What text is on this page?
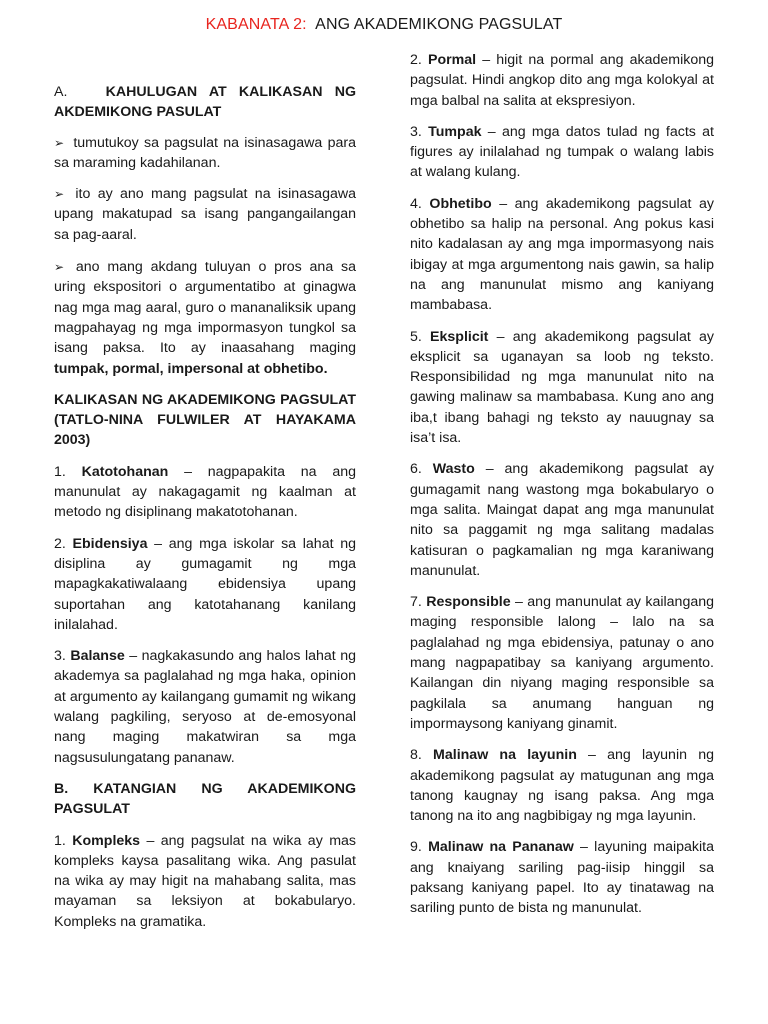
KABANATA 2: ANG AKADEMIKONG PAGSULAT

A.	KAHULUGAN AT KALIKASAN NG AKDEMIKONG PASULAT

➢ tumutukoy sa pagsulat na isinasagawa para sa maraming kadahilanan.

➢ ito ay ano mang pagsulat na isinasagawa upang makatupad sa isang pangangailangan sa pag-aaral.

➢ ano mang akdang tuluyan o pros ana sa uring ekspositori o argumentatibo at ginagwa nag mga mag aaral, guro o mananaliksik upang magpahayag ng mga impormasyon tungkol sa isang paksa. Ito ay inaasahang maging tumpak, pormal, impersonal at obhetibo.

KALIKASAN NG AKADEMIKONG PAGSULAT (TATLO-NINA FULWILER AT HAYAKAMA 2003)

1. Katotohanan – nagpapakita na ang manunulat ay nakagagamit ng kaalman at metodo ng disiplinang makatotohanan.

2. Ebidensiya – ang mga iskolar sa lahat ng disiplina ay gumagamit ng mga mapagkakatiwalaang ebidensiya upang suportahan ang katotahanang kanilang inilalahad.

3. Balanse – nagkakasundo ang halos lahat ng akademya sa paglalahad ng mga haka, opinion at argumento ay kailangang gumamit ng wikang walang pagkiling, seryoso at de-emosyonal nang maging makatwiran sa mga nagsusulungatang pananaw.

B. KATANGIAN NG AKADEMIKONG PAGSULAT

1. Kompleks – ang pagsulat na wika ay mas kompleks kaysa pasalitang wika. Ang pasulat na wika ay may higit na mahabang salita, mas mayaman sa leksiyon at bokabularyo. Kompleks na gramatika.

2. Pormal – higit na pormal ang akademikong pagsulat. Hindi angkop dito ang mga kolokyal at mga balbal na salita at ekspresiyon.

3. Tumpak – ang mga datos tulad ng facts at figures ay inilalahad ng tumpak o walang labis at walang kulang.

4. Obhetibo – ang akademikong pagsulat ay obhetibo sa halip na personal. Ang pokus kasi nito kadalasan ay ang mga impormasyong nais ibigay at mga argumentong nais gawin, sa halip na ang manunulat mismo ang kaniyang mambabasa.

5. Eksplicit – ang akademikong pagsulat ay eksplicit sa uganayan sa loob ng teksto. Responsibilidad ng mga manunulat nito na gawing malinaw sa mambabasa. Kung ano ang iba,t ibang bahagi ng teksto ay nauugnay sa isa’t isa.

6. Wasto – ang akademikong pagsulat ay gumagamit nang wastong mga bokabularyo o mga salita. Maingat dapat ang mga manunulat nito sa paggamit ng mga salitang madalas katisuran o pagkamalian ng mga karaniwang manunulat.

7. Responsible – ang manunulat ay kailangang maging responsible lalong – lalo na sa paglalahad ng mga ebidensiya, patunay o ano mang nagpapatibay sa kaniyang argumento. Kailangan din niyang maging responsible sa pagkilala sa anumang hanguan ng impormaysong kaniyang ginamit.

8. Malinaw na layunin – ang layunin ng akademikong pagsulat ay matugunan ang mga tanong kaugnay ng isang paksa. Ang mga tanong na ito ang nagbibigay ng mga layunin.

9. Malinaw na Pananaw – layuning maipakita ang knaiyang sariling pag-iisip hinggil sa paksang kaniyang papel. Ito ay tinatawag na sariling punto de bista ng manunulat.
